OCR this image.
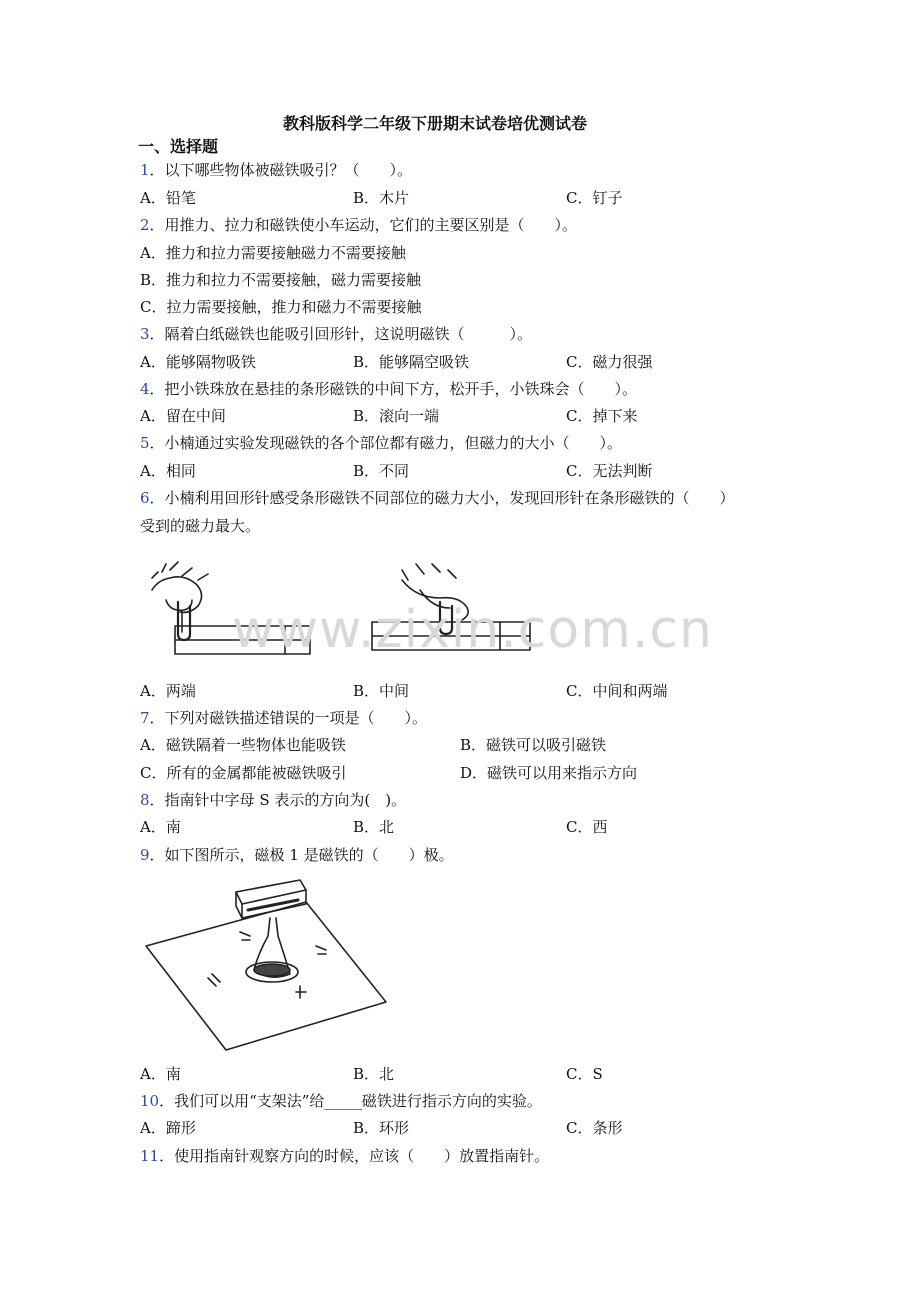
教科版科学二年级下册期末试卷培优测试卷
一、选择题
1．以下哪些物体被磁铁吸引？（　　）。
A．铅笔	B．木片	C．钉子
2．用推力、拉力和磁铁使小车运动，它们的主要区别是（　　）。
A．推力和拉力需要接触磁力不需要接触
B．推力和拉力不需要接触，磁力需要接触
C．拉力需要接触，推力和磁力不需要接触
3．隔着白纸磁铁也能吸引回形针，这说明磁铁（　　　）。
A．能够隔物吸铁	B．能够隔空吸铁	C．磁力很强
4．把小铁珠放在悬挂的条形磁铁的中间下方，松开手，小铁珠会（　　）。
A．留在中间	B．滚向一端	C．掉下来
5．小楠通过实验发现磁铁的各个部位都有磁力，但磁力的大小（　　）。
A．相同	B．不同	C．无法判断
6．小楠利用回形针感受条形磁铁不同部位的磁力大小，发现回形针在条形磁铁的（　　）
受到的磁力最大。
www.zixin.com.cn
A．两端	B．中间	C．中间和两端
7．下列对磁铁描述错误的一项是（　　）。
A．磁铁隔着一些物体也能吸铁	B．磁铁可以吸引磁铁
C．所有的金属都能被磁铁吸引	D．磁铁可以用来指示方向
8．指南针中字母 S 表示的方向为(　)。
A．南	B．北	C．西
9．如下图所示，磁极 1 是磁铁的（　　）极。
A．南	B．北	C．S
10．我们可以用“支架法”给_____磁铁进行指示方向的实验。
A．蹄形	B．环形	C．条形
11．使用指南针观察方向的时候，应该（　　）放置指南针。
